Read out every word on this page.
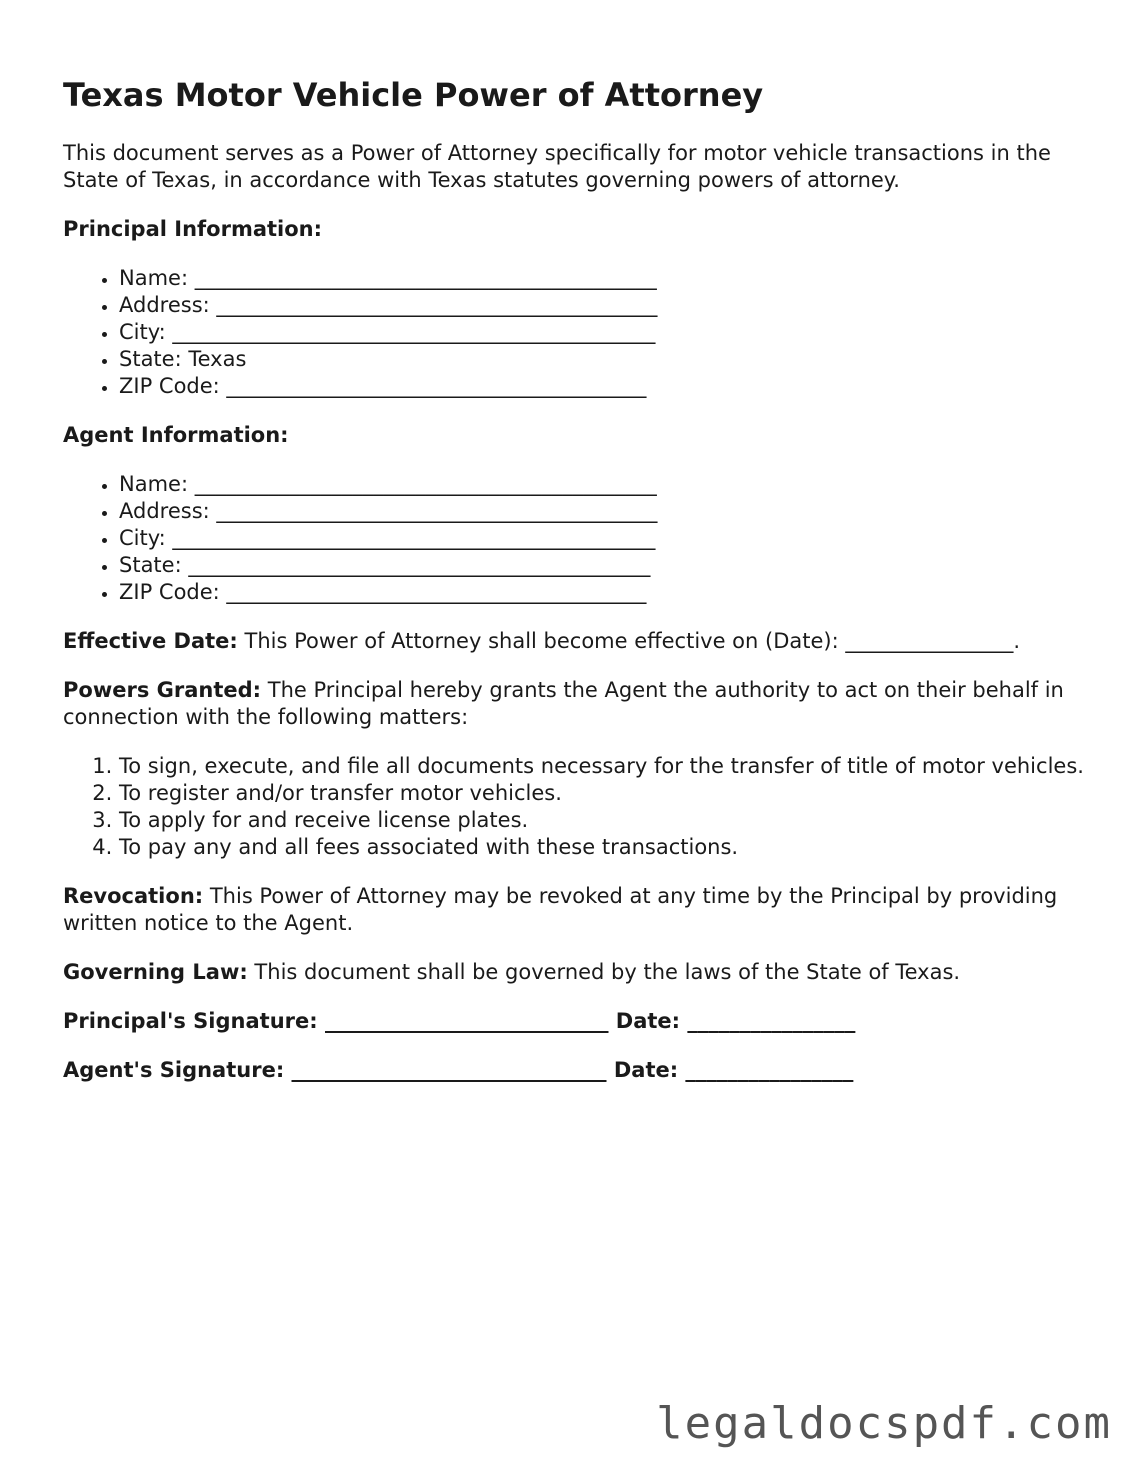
Texas Motor Vehicle Power of Attorney

This document serves as a Power of Attorney specifically for motor vehicle transactions in the State of Texas, in accordance with Texas statutes governing powers of attorney.

Principal Information:

• Name: ____________________________________________
• Address: __________________________________________
• City: ______________________________________________
• State: Texas
• ZIP Code: ________________________________________

Agent Information:

• Name: ____________________________________________
• Address: __________________________________________
• City: ______________________________________________
• State: ____________________________________________
• ZIP Code: ________________________________________

Effective Date: This Power of Attorney shall become effective on (Date): ________________.

Powers Granted: The Principal hereby grants the Agent the authority to act on their behalf in connection with the following matters:

1. To sign, execute, and file all documents necessary for the transfer of title of motor vehicles.
2. To register and/or transfer motor vehicles.
3. To apply for and receive license plates.
4. To pay any and all fees associated with these transactions.

Revocation: This Power of Attorney may be revoked at any time by the Principal by providing written notice to the Agent.

Governing Law: This document shall be governed by the laws of the State of Texas.

Principal's Signature: ___________________________ Date: ________________

Agent's Signature: ______________________________ Date: ________________

legaldocspdf.com
